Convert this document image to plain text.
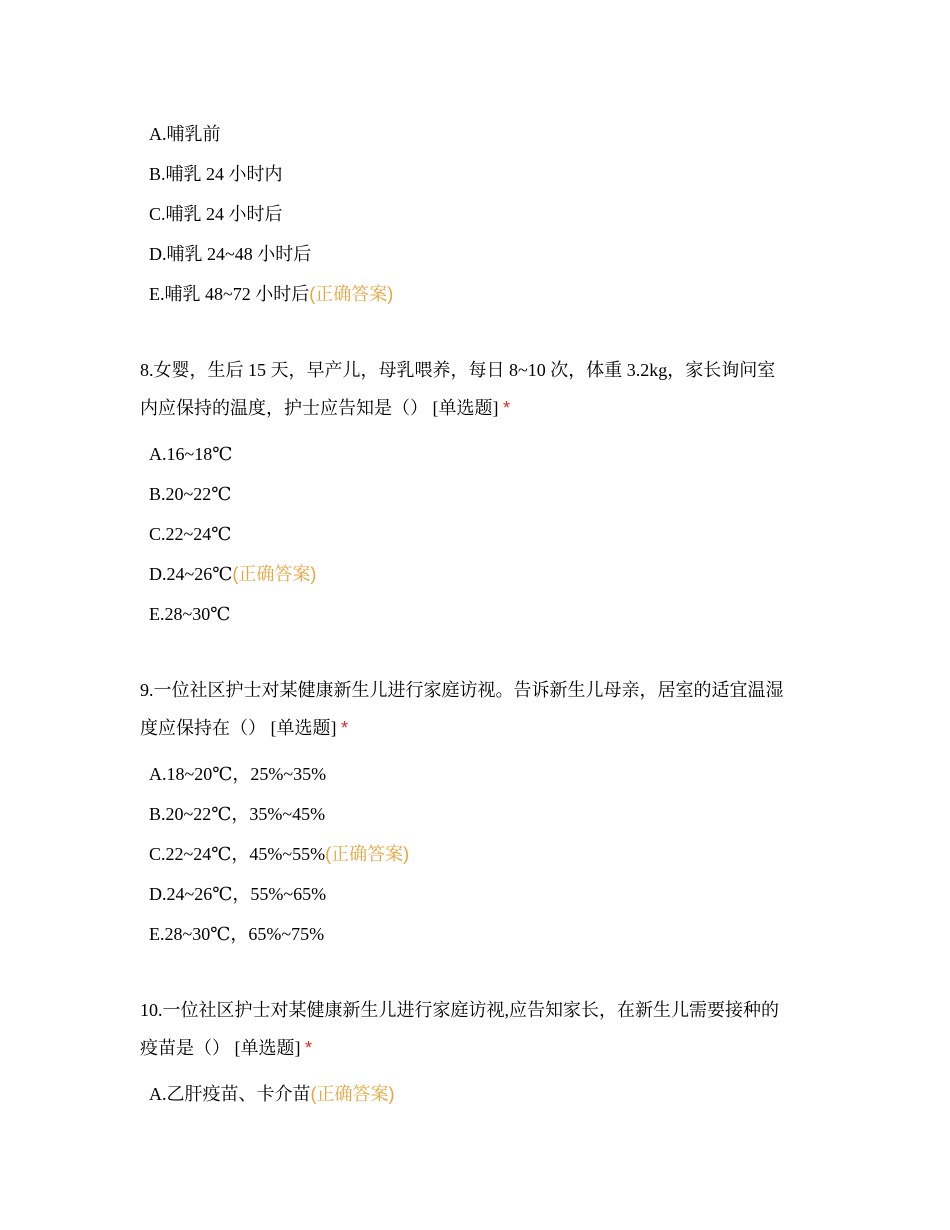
A.哺乳前
B.哺乳 24 小时内
C.哺乳 24 小时后
D.哺乳 24~48 小时后
E.哺乳 48~72 小时后(正确答案)
8.女婴，生后 15 天，早产儿，母乳喂养，每日 8~10 次，体重 3.2kg，家长询问室
内应保持的温度，护士应告知是（） [单选题] *
A.16~18℃
B.20~22℃
C.22~24℃
D.24~26℃(正确答案)
E.28~30℃
9.一位社区护士对某健康新生儿进行家庭访视。告诉新生儿母亲，居室的适宜温湿
度应保持在（） [单选题] *
A.18~20℃，25%~35%
B.20~22℃，35%~45%
C.22~24℃，45%~55%(正确答案)
D.24~26℃，55%~65%
E.28~30℃，65%~75%
10.一位社区护士对某健康新生儿进行家庭访视,应告知家长，在新生儿需要接种的
疫苗是（） [单选题] *
A.乙肝疫苗、卡介苗(正确答案)
